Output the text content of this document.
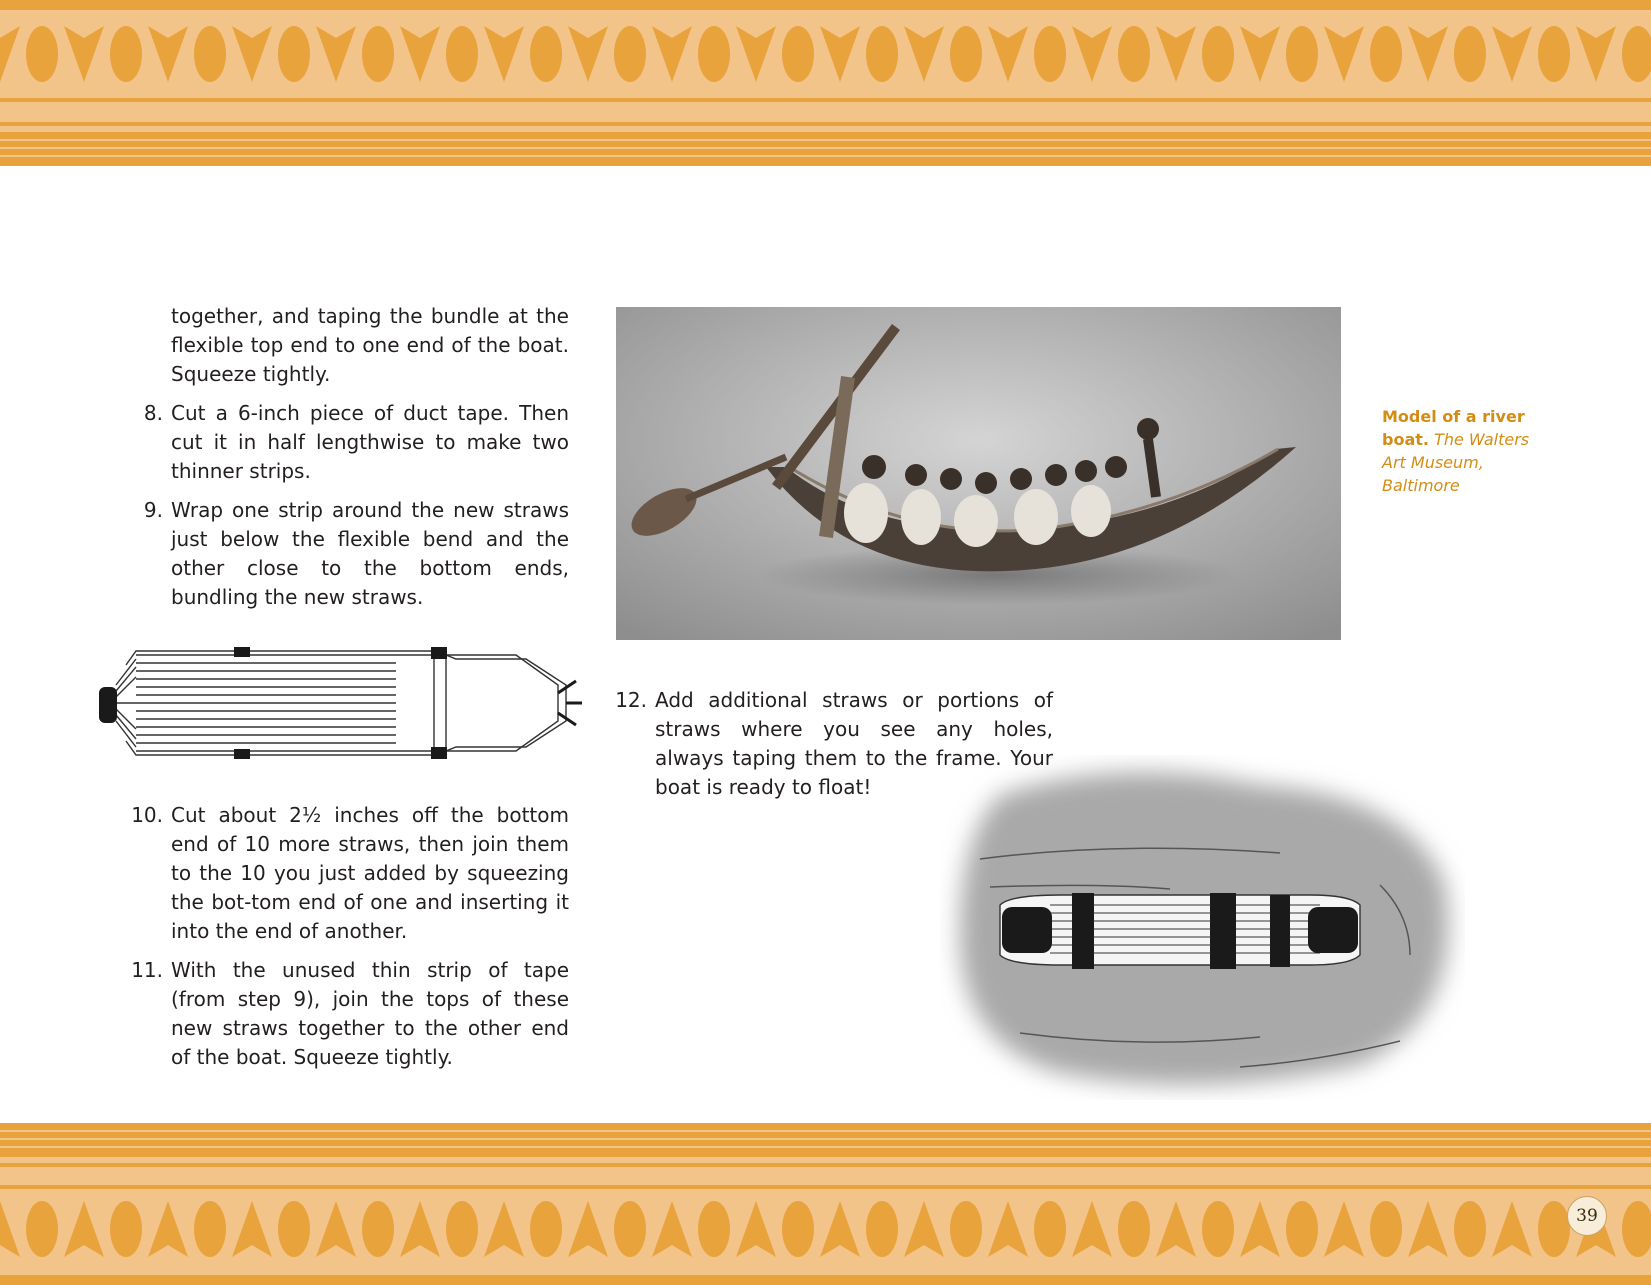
together, and taping the bundle at the flexible top end to one end of the boat. Squeeze tightly.

8. Cut a 6-inch piece of duct tape. Then cut it in half lengthwise to make two thinner strips.

9. Wrap one strip around the new straws just below the flexible bend and the other close to the bottom ends, bundling the new straws.

10. Cut about 2½ inches off the bottom end of 10 more straws, then join them to the 10 you just added by squeezing the bot-tom end of one and inserting it into the end of another.

11. With the unused thin strip of tape (from step 9), join the tops of these new straws together to the other end of the boat. Squeeze tightly.

Model of a river boat. The Walters Art Museum, Baltimore

12. Add additional straws or portions of straws where you see any holes, always taping them to the frame. Your boat is ready to float!

39
